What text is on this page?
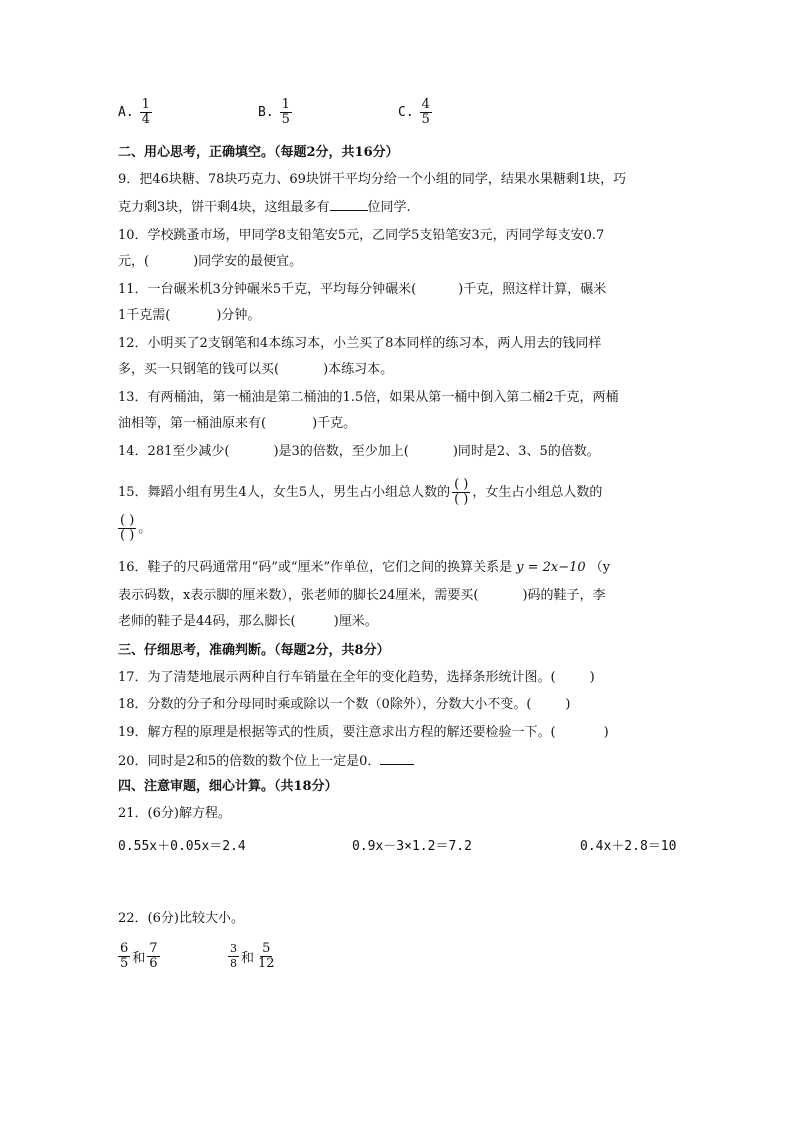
A. $\frac{1}{4}$	B. $\frac{1}{5}$	C. $\frac{4}{5}$
二、用心思考，正确填空。（每题2分，共16分）
9．把46块糖、78块巧克力、69块饼干平均分给一个小组的同学，结果水果糖剩1块，巧
克力剩3块，饼干剩4块，这组最多有	位同学.
10．学校跳蚤市场，甲同学8支铅笔安5元，乙同学5支铅笔安3元，丙同学每支安0.7
元，(	)同学安的最便宜。
11．一台碾米机3分钟碾米5千克，平均每分钟碾米(	)千克，照这样计算，碾米
1千克需(	)分钟。
12．小明买了2支钢笔和4本练习本，小兰买了8本同样的练习本，两人用去的钱同样
多，买一只钢笔的钱可以买(	)本练习本。
13．有两桶油，第一桶油是第二桶油的1.5倍，如果从第一桶中倒入第二桶2千克，两桶
油相等，第一桶油原来有(	)千克。
14．281至少减少(	)是3的倍数，至少加上(	)同时是2、3、5的倍数。
15．舞蹈小组有男生4人，女生5人，男生占小组总人数的 $\frac{( )}{( )}$ ，女生占小组总人数的
$\frac{( )}{( )}$ 。
16．鞋子的尺码通常用“码”或“厘米”作单位，它们之间的换算关系是 y = 2x−10 （y
表示码数，x表示脚的厘米数），张老师的脚长24厘米，需要买(	)码的鞋子，李
老师的鞋子是44码，那么脚长(	)厘米。
三、仔细思考，准确判断。（每题2分，共8分）
17．为了清楚地展示两种自行车销量在全年的变化趋势，选择条形统计图。(	)
18．分数的分子和分母同时乘或除以一个数（0除外），分数大小不变。(	)
19．解方程的原理是根据等式的性质，要注意求出方程的解还要检验一下。(	)
20．同时是2和5的倍数的数个位上一定是0．
四、注意审题，细心计算。（共18分）
21．(6分)解方程。
0.55x＋0.05x＝2.4	0.9x－3×1.2＝7.2	0.4x＋2.8＝10
22．(6分)比较大小。
$\frac{6}{5}$ 和 $\frac{7}{6}$	$\frac{3}{8}$ 和 $\frac{5}{12}$
